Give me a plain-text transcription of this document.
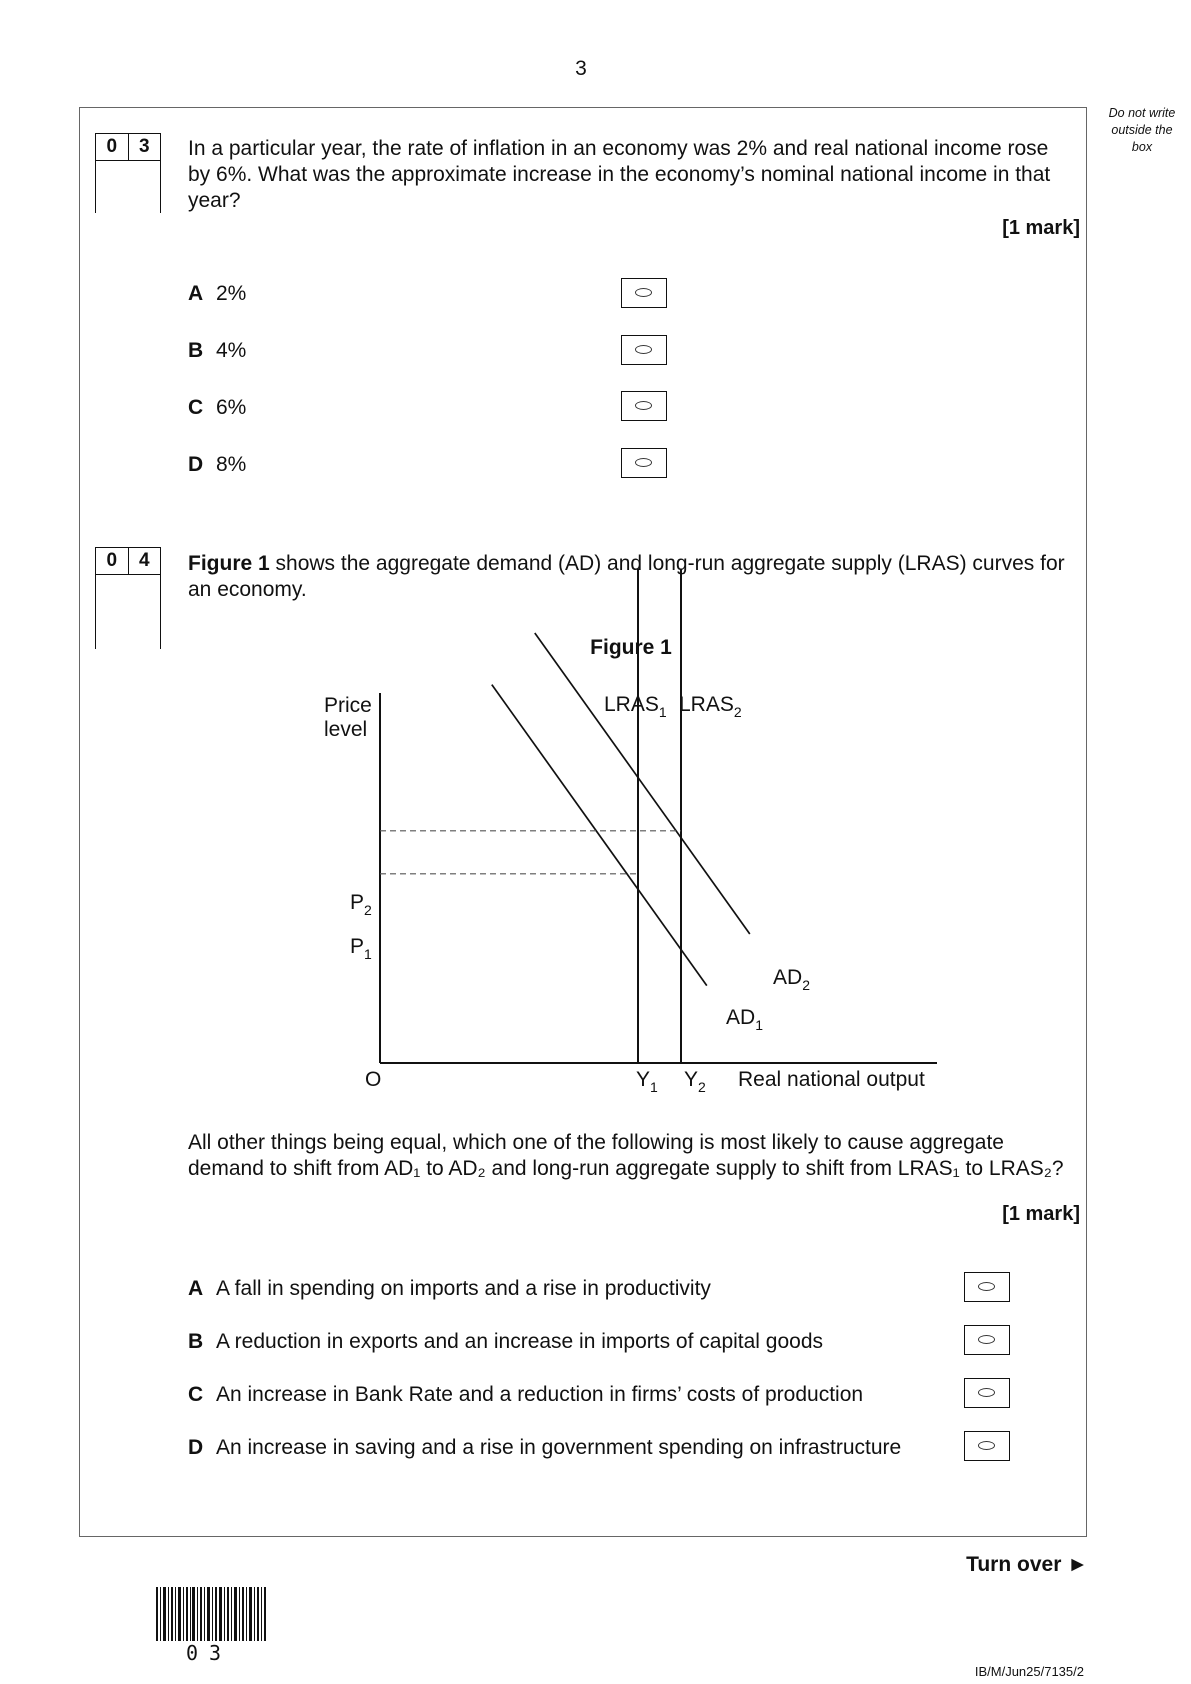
3
Do not write
outside the
box
0	3	In a particular year, the rate of inflation in an economy was 2% and real national income rose by 6%. What was the approximate increase in the economy’s nominal national income in that year?
[1 mark]
A 2%
B 4%
C 6%
D 8%
0	4	Figure 1 shows the aggregate demand (AD) and long-run aggregate supply (LRAS) curves for an economy.
Figure 1
Price
level
O	Real national output
$LRAS_1$ $LRAS_2$
$AD_2$
$AD_1$
$P_2$
$P_1$
$Y_1$ $Y_2$
All other things being equal, which one of the following is most likely to cause aggregate demand to shift from AD₁ to AD₂ and long-run aggregate supply to shift from LRAS₁ to LRAS₂?
[1 mark]
A A fall in spending on imports and a rise in productivity
B A reduction in exports and an increase in imports of capital goods
C An increase in Bank Rate and a reduction in firms’ costs of production
D An increase in saving and a rise in government spending on infrastructure
Turn over ►
03
IB/M/Jun25/7135/2
